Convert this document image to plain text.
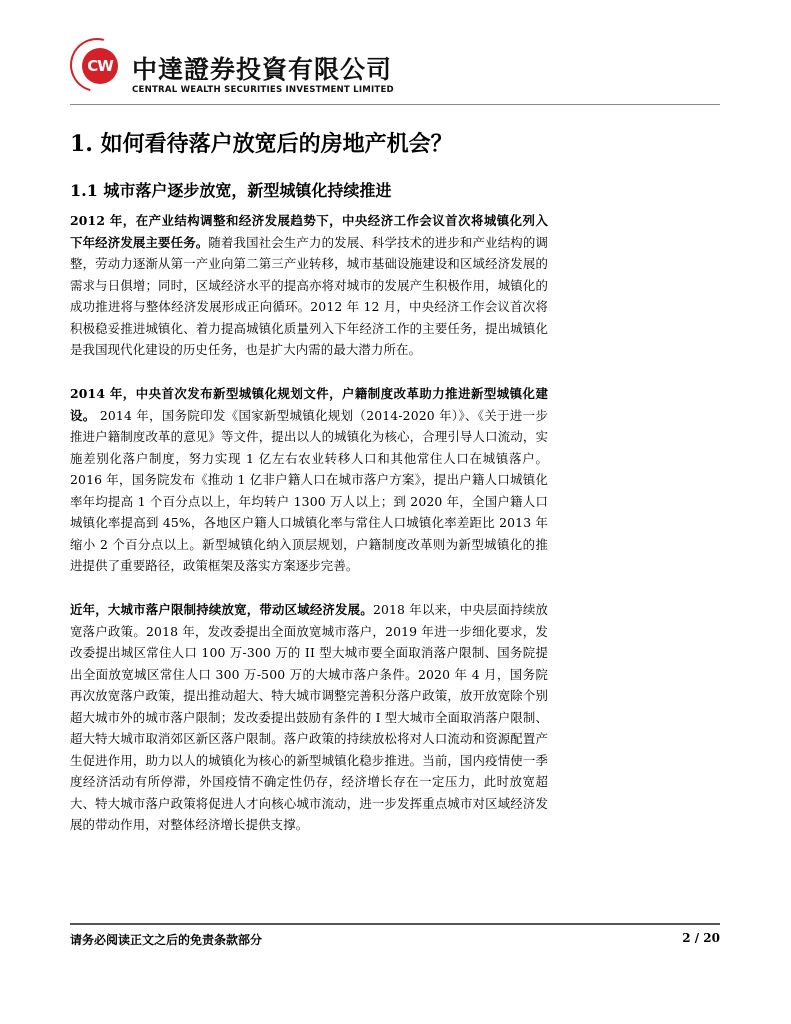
CW 中達證券投資有限公司
CENTRAL WEALTH SECURITIES INVESTMENT LIMITED
1. 如何看待落户放宽后的房地产机会？
1.1 城市落户逐步放宽，新型城镇化持续推进
2012 年，在产业结构调整和经济发展趋势下，中央经济工作会议首次将城镇化列入下年经济发展主要任务。随着我国社会生产力的发展、科学技术的进步和产业结构的调整，劳动力逐渐从第一产业向第二第三产业转移，城市基础设施建设和区域经济发展的需求与日俱增；同时，区域经济水平的提高亦将对城市的发展产生积极作用，城镇化的成功推进将与整体经济发展形成正向循环。2012 年 12 月，中央经济工作会议首次将积极稳妥推进城镇化、着力提高城镇化质量列入下年经济工作的主要任务，提出城镇化是我国现代化建设的历史任务，也是扩大内需的最大潜力所在。
2014 年，中央首次发布新型城镇化规划文件，户籍制度改革助力推进新型城镇化建设。 2014 年，国务院印发《国家新型城镇化规划（2014-2020 年）》、《关于进一步推进户籍制度改革的意见》等文件，提出以人的城镇化为核心，合理引导人口流动，实施差别化落户制度，努力实现 1 亿左右农业转移人口和其他常住人口在城镇落户。2016 年，国务院发布《推动 1 亿非户籍人口在城市落户方案》，提出户籍人口城镇化率年均提高 1 个百分点以上，年均转户 1300 万人以上；到 2020 年，全国户籍人口城镇化率提高到 45%，各地区户籍人口城镇化率与常住人口城镇化率差距比 2013 年缩小 2 个百分点以上。新型城镇化纳入顶层规划，户籍制度改革则为新型城镇化的推进提供了重要路径，政策框架及落实方案逐步完善。
近年，大城市落户限制持续放宽，带动区域经济发展。2018 年以来，中央层面持续放宽落户政策。2018 年，发改委提出全面放宽城市落户，2019 年进一步细化要求，发改委提出城区常住人口 100 万-300 万的 II 型大城市要全面取消落户限制、国务院提出全面放宽城区常住人口 300 万-500 万的大城市落户条件。2020 年 4 月，国务院再次放宽落户政策，提出推动超大、特大城市调整完善积分落户政策，放开放宽除个别超大城市外的城市落户限制；发改委提出鼓励有条件的 I 型大城市全面取消落户限制、超大特大城市取消郊区新区落户限制。落户政策的持续放松将对人口流动和资源配置产生促进作用，助力以人的城镇化为核心的新型城镇化稳步推进。当前，国内疫情使一季度经济活动有所停滞，外国疫情不确定性仍存，经济增长存在一定压力，此时放宽超大、特大城市落户政策将促进人才向核心城市流动，进一步发挥重点城市对区域经济发展的带动作用，对整体经济增长提供支撑。
请务必阅读正文之后的免责条款部分	2 / 20
